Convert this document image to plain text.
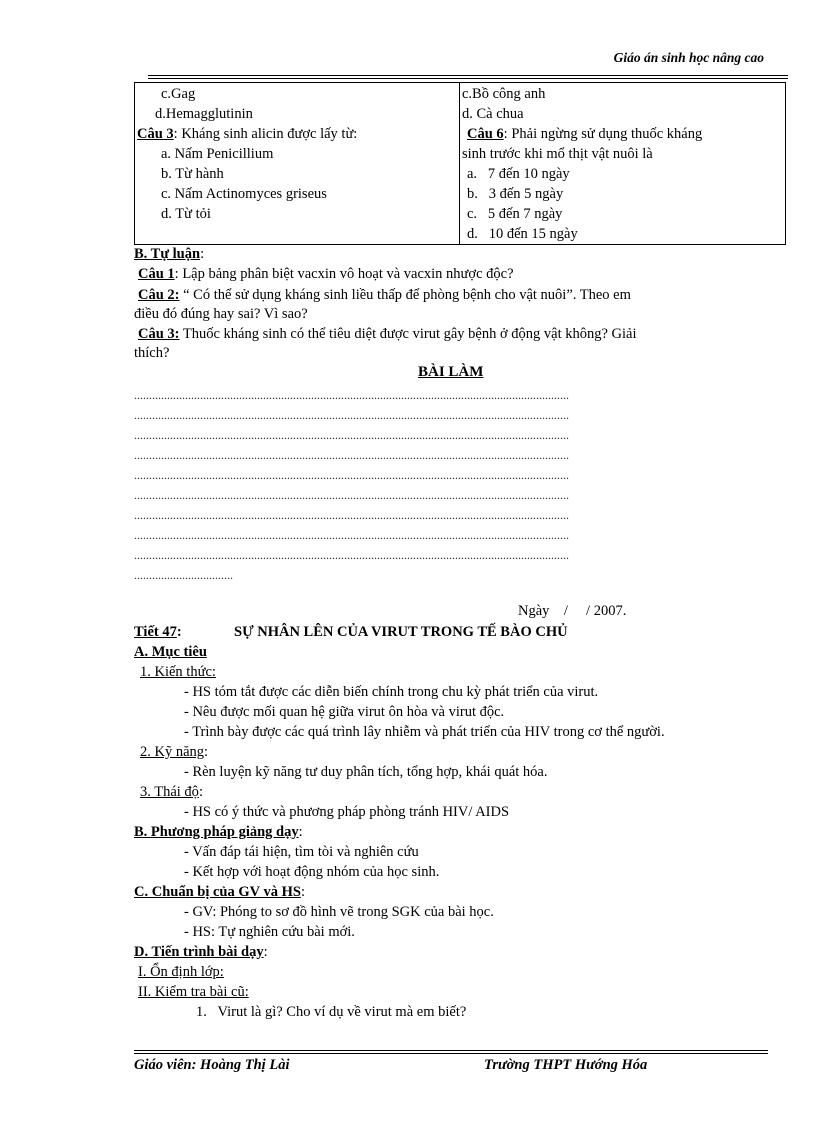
Giáo án sinh học nâng cao
c.Gag
d.Hemagglutinin
Câu 3: Kháng sinh alicin được lấy từ:
a. Nấm Penicillium
b. Từ hành
c. Nấm Actinomyces griseus
d. Từ tỏi

c.Bồ công anh
d. Cà chua
Câu 6: Phải ngừng sử dụng thuốc kháng
sinh trước khi mổ thịt vật nuôi là
a.   7 đến 10 ngày
b.   3 đến 5 ngày
c.   5 đến 7 ngày
d.   10 đến 15 ngày
B. Tự luận:
Câu 1: Lập bảng phân biệt vacxin vô hoạt và vacxin nhược độc?
Câu 2: “ Có thể sử dụng kháng sinh liều thấp để phòng bệnh cho vật nuôi”. Theo em
điều đó đúng hay sai? Vì sao?
Câu 3: Thuốc kháng sinh có thể tiêu diệt được virut gây bệnh ở động vật không? Giải
thích?
BÀI LÀM
.................................................................................................................................................
.................................................................................................................................................
.................................................................................................................................................
.................................................................................................................................................
.................................................................................................................................................
.................................................................................................................................................
.................................................................................................................................................
.................................................................................................................................................
.................................................................................................................................................
.................................
Ngày    /     / 2007.
Tiết 47:	SỰ NHÂN LÊN CỦA VIRUT TRONG TẾ BÀO CHỦ
A. Mục tiêu
1. Kiến thức:
- HS tóm tắt được các diễn biến chính trong chu kỳ phát triển của virut.
- Nêu được mối quan hệ giữa virut ôn hòa và virut độc.
- Trình bày được các quá trình lây nhiễm và phát triển của HIV trong cơ thể người.
2. Kỹ năng:
- Rèn luyện kỹ năng tư duy phân tích, tổng hợp, khái quát hóa.
3. Thái độ:
- HS có ý thức và phương pháp phòng tránh HIV/ AIDS
B. Phương pháp giảng dạy:
- Vấn đáp tái hiện, tìm tòi và nghiên cứu
- Kết hợp với hoạt động nhóm của học sinh.
C. Chuẩn bị của GV và HS:
- GV: Phóng to sơ đồ hình vẽ trong SGK của bài học.
- HS: Tự nghiên cứu bài mới.
D. Tiến trình bài dạy:
I. Ổn định lớp:
II. Kiểm tra bài cũ:
1.   Virut là gì? Cho ví dụ về virut mà em biết?
Giáo viên: Hoàng Thị Lài	Trường THPT Hướng Hóa
